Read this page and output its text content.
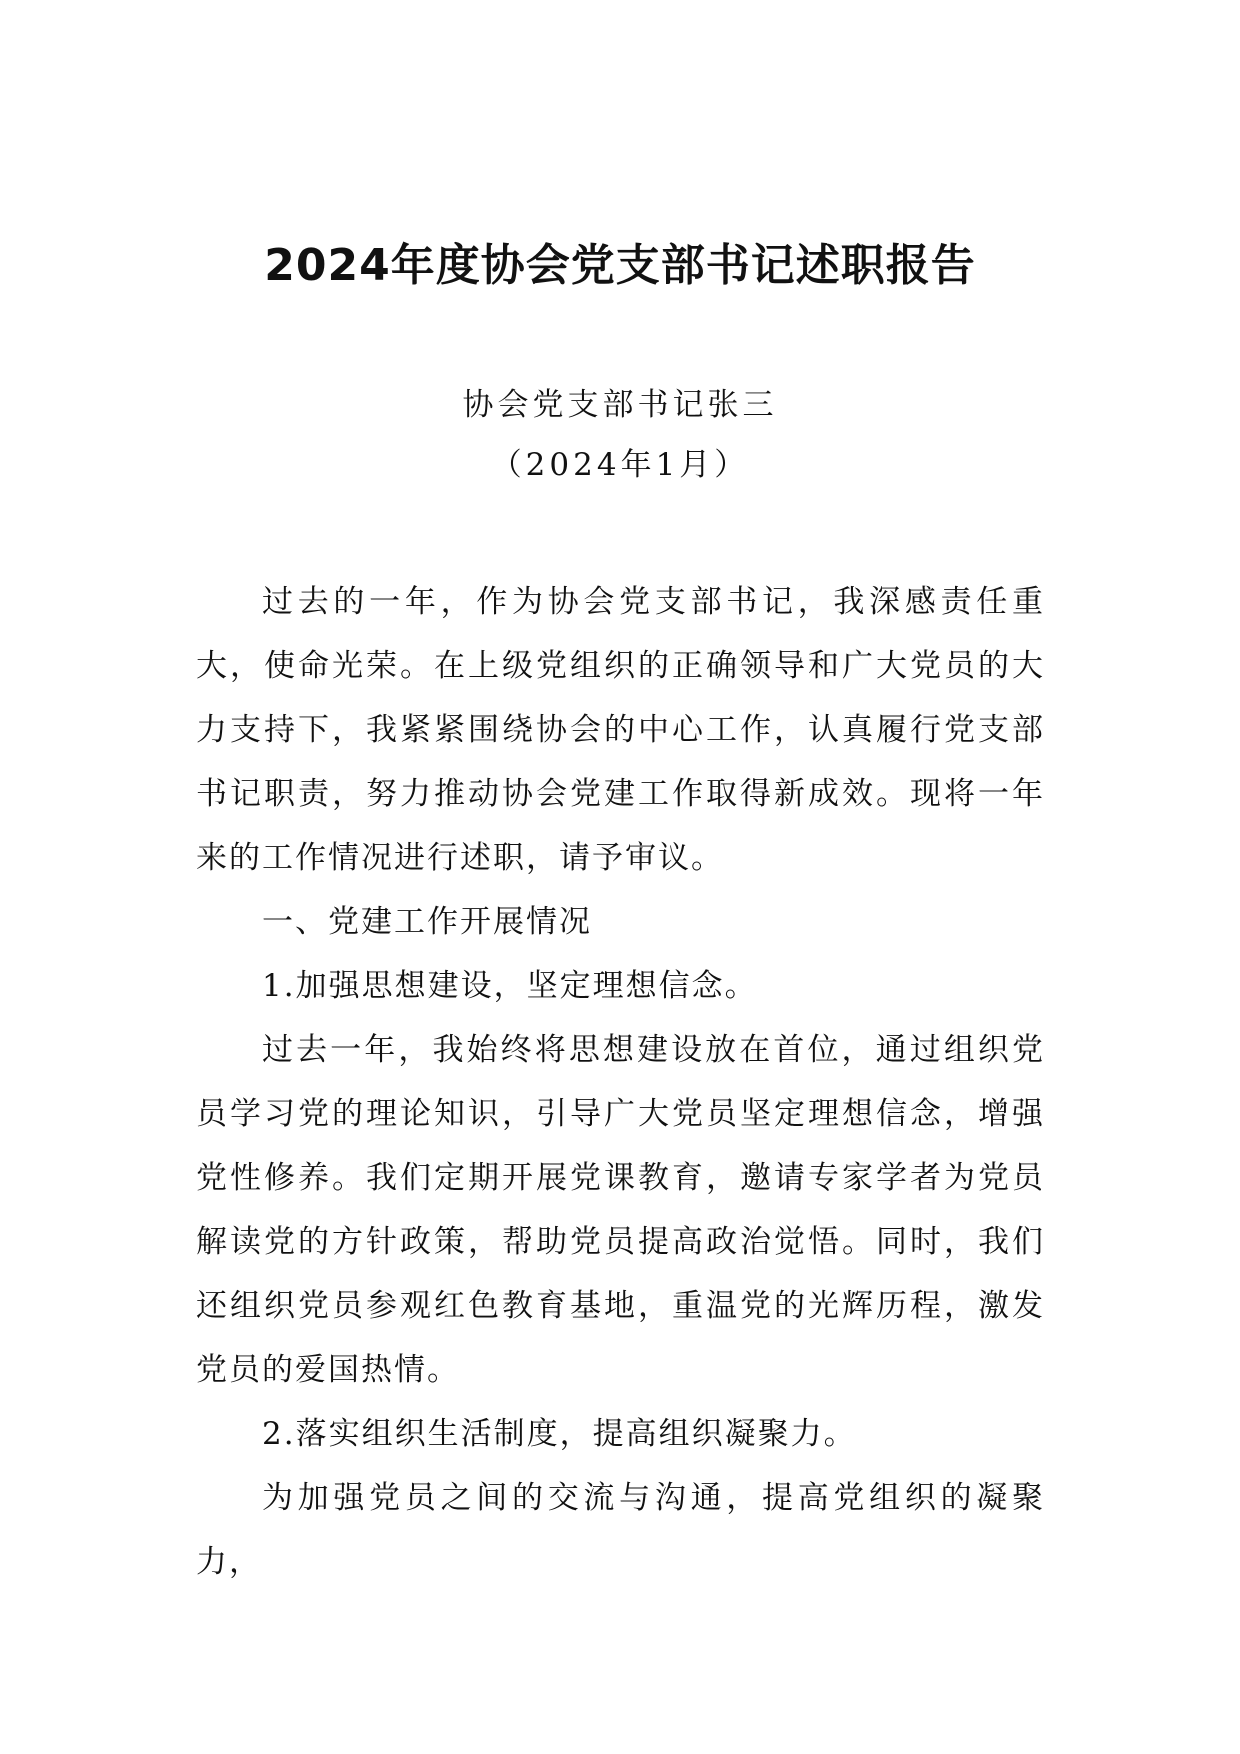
2024年度协会党支部书记述职报告
协会党支部书记张三
（2024年1月）

过去的一年，作为协会党支部书记，我深感责任重大，使命光荣。在上级党组织的正确领导和广大党员的大力支持下，我紧紧围绕协会的中心工作，认真履行党支部书记职责，努力推动协会党建工作取得新成效。现将一年来的工作情况进行述职，请予审议。

一、党建工作开展情况

1.加强思想建设，坚定理想信念。

过去一年，我始终将思想建设放在首位，通过组织党员学习党的理论知识，引导广大党员坚定理想信念，增强党性修养。我们定期开展党课教育，邀请专家学者为党员解读党的方针政策，帮助党员提高政治觉悟。同时，我们还组织党员参观红色教育基地，重温党的光辉历程，激发党员的爱国热情。

2.落实组织生活制度，提高组织凝聚力。

为加强党员之间的交流与沟通，提高党组织的凝聚力，
